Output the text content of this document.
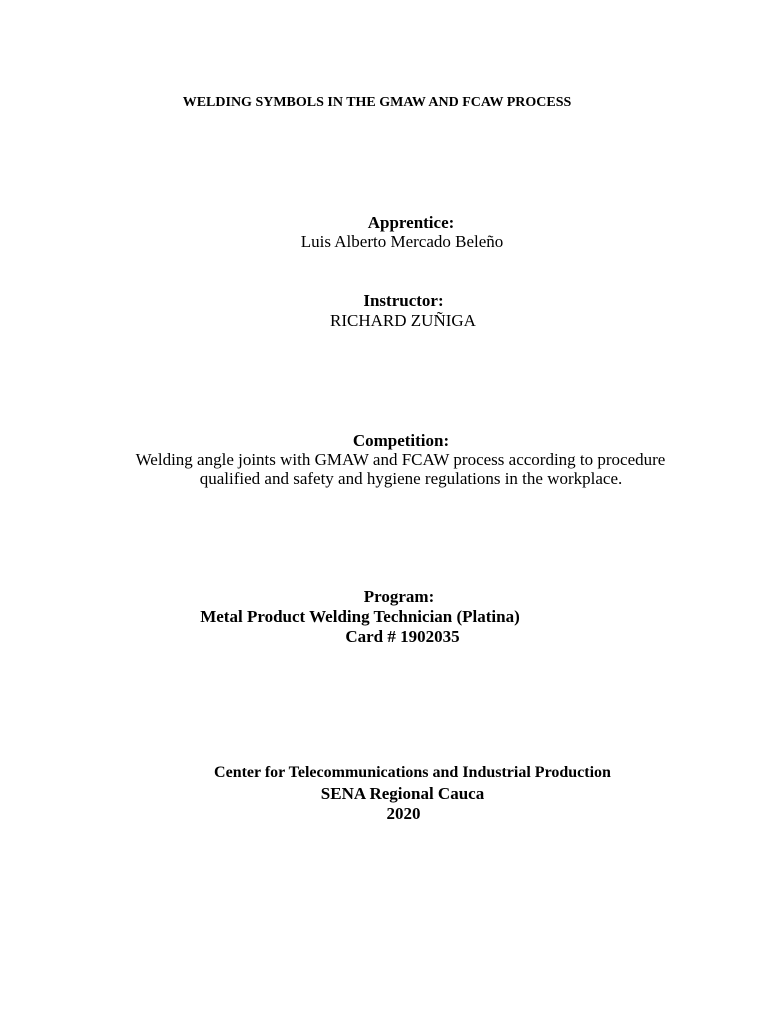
WELDING SYMBOLS IN THE GMAW AND FCAW PROCESS
Apprentice:
Luis Alberto Mercado Beleño
Instructor:
RICHARD ZUÑIGA
Competition:
Welding angle joints with GMAW and FCAW process according to procedure
qualified and safety and hygiene regulations in the workplace.
Program:
Metal Product Welding Technician (Platina)
Card # 1902035
Center for Telecommunications and Industrial Production
SENA Regional Cauca
2020
